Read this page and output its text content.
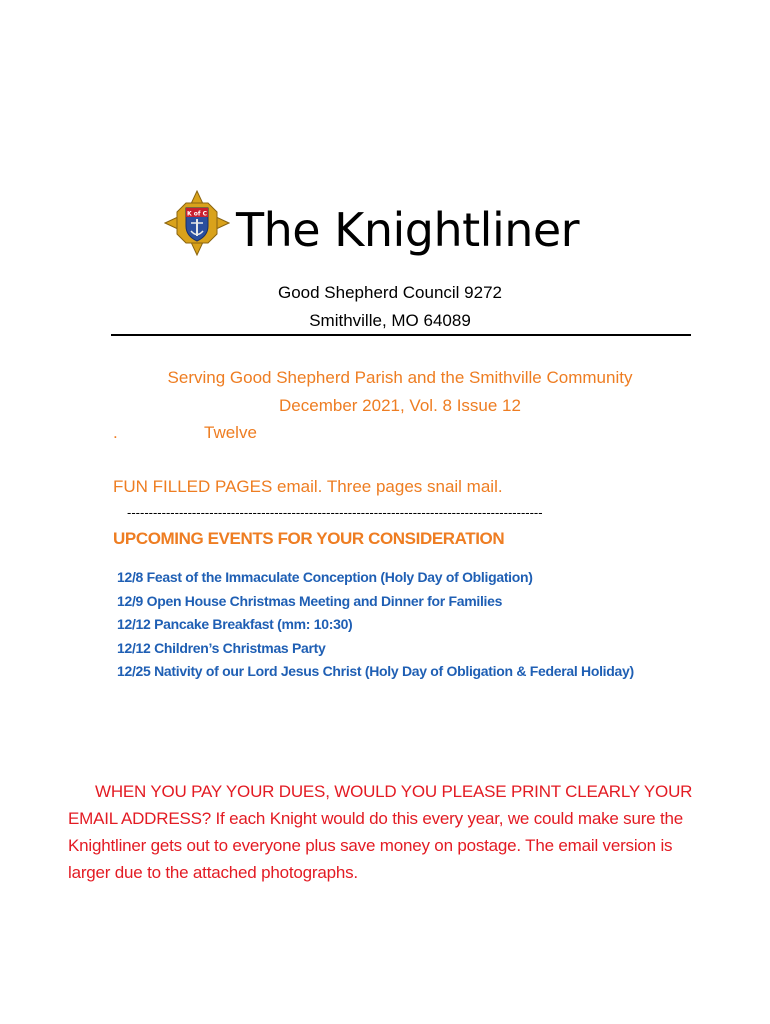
K of C The Knightliner
Good Shepherd Council 9272
Smithville, MO 64089
Serving Good Shepherd Parish and the Smithville Community
December 2021, Vol. 8 Issue 12
.	Twelve
FUN FILLED PAGES email. Three pages snail mail.
------------------------------------------------------------------------------------------------
UPCOMING EVENTS FOR YOUR CONSIDERATION
12/8 Feast of the Immaculate Conception (Holy Day of Obligation)
12/9 Open House Christmas Meeting and Dinner for Families
12/12 Pancake Breakfast (mm: 10:30)
12/12 Children’s Christmas Party
12/25 Nativity of our Lord Jesus Christ (Holy Day of Obligation & Federal Holiday)
WHEN YOU PAY YOUR DUES, WOULD YOU PLEASE PRINT CLEARLY YOUR EMAIL ADDRESS? If each Knight would do this every year, we could make sure the Knightliner gets out to everyone plus save money on postage. The email version is larger due to the attached photographs.
